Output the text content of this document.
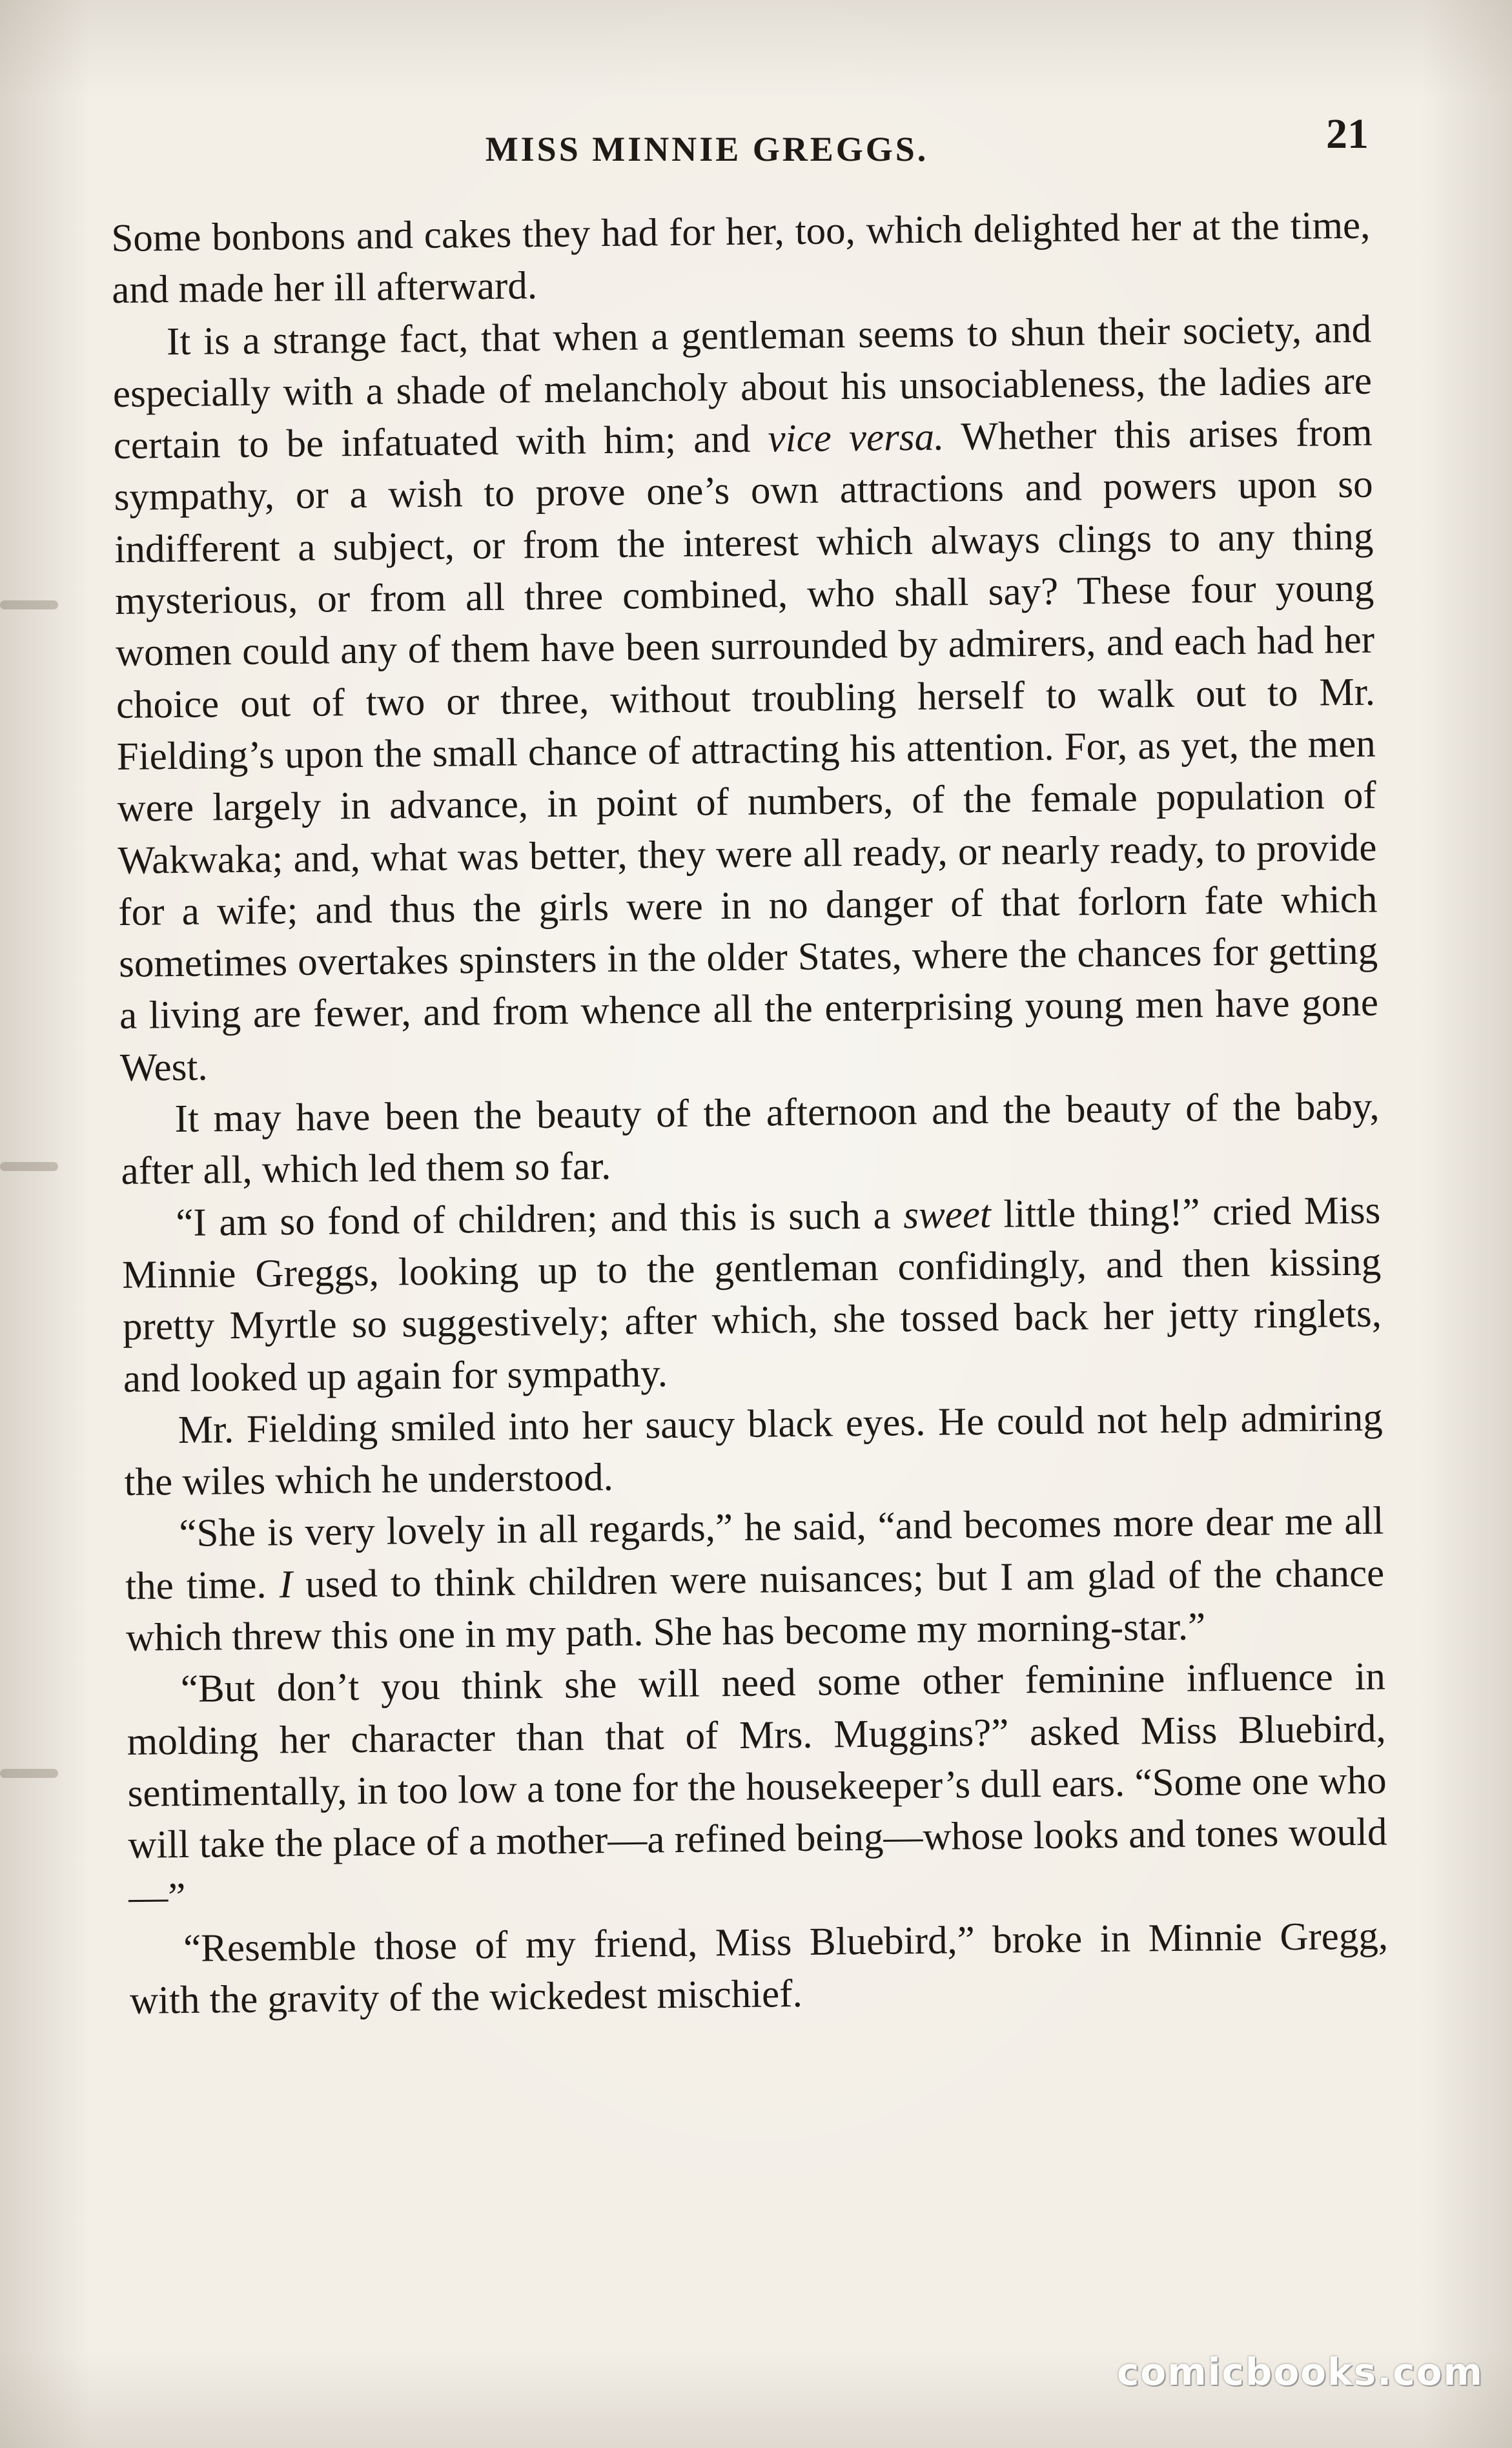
MISS MINNIE GREGGS.	21

Some bonbons and cakes they had for her, too, which delighted her at the time, and made her ill afterward.

It is a strange fact, that when a gentleman seems to shun their society, and especially with a shade of melancholy about his unsociableness, the ladies are certain to be infatuated with him; and vice versa. Whether this arises from sympathy, or a wish to prove one’s own attractions and powers upon so indifferent a subject, or from the interest which always clings to any thing mysterious, or from all three combined, who shall say? These four young women could any of them have been surrounded by admirers, and each had her choice out of two or three, without troubling herself to walk out to Mr. Fielding’s upon the small chance of attracting his attention. For, as yet, the men were largely in advance, in point of numbers, of the female population of Wakwaka; and, what was better, they were all ready, or nearly ready, to provide for a wife; and thus the girls were in no danger of that forlorn fate which sometimes overtakes spinsters in the older States, where the chances for getting a living are fewer, and from whence all the enterprising young men have gone West.

It may have been the beauty of the afternoon and the beauty of the baby, after all, which led them so far.

“I am so fond of children; and this is such a sweet little thing!” cried Miss Minnie Greggs, looking up to the gentleman confidingly, and then kissing pretty Myrtle so suggestively; after which, she tossed back her jetty ringlets, and looked up again for sympathy.

Mr. Fielding smiled into her saucy black eyes. He could not help admiring the wiles which he understood.

“She is very lovely in all regards,” he said, “and becomes more dear me all the time. I used to think children were nuisances; but I am glad of the chance which threw this one in my path. She has become my morning-star.”

“But don’t you think she will need some other feminine influence in molding her character than that of Mrs. Muggins?” asked Miss Bluebird, sentimentally, in too low a tone for the housekeeper’s dull ears. “Some one who will take the place of a mother—a refined being—whose looks and tones would—”

“Resemble those of my friend, Miss Bluebird,” broke in Minnie Gregg, with the gravity of the wickedest mischief.

comicbooks.com
